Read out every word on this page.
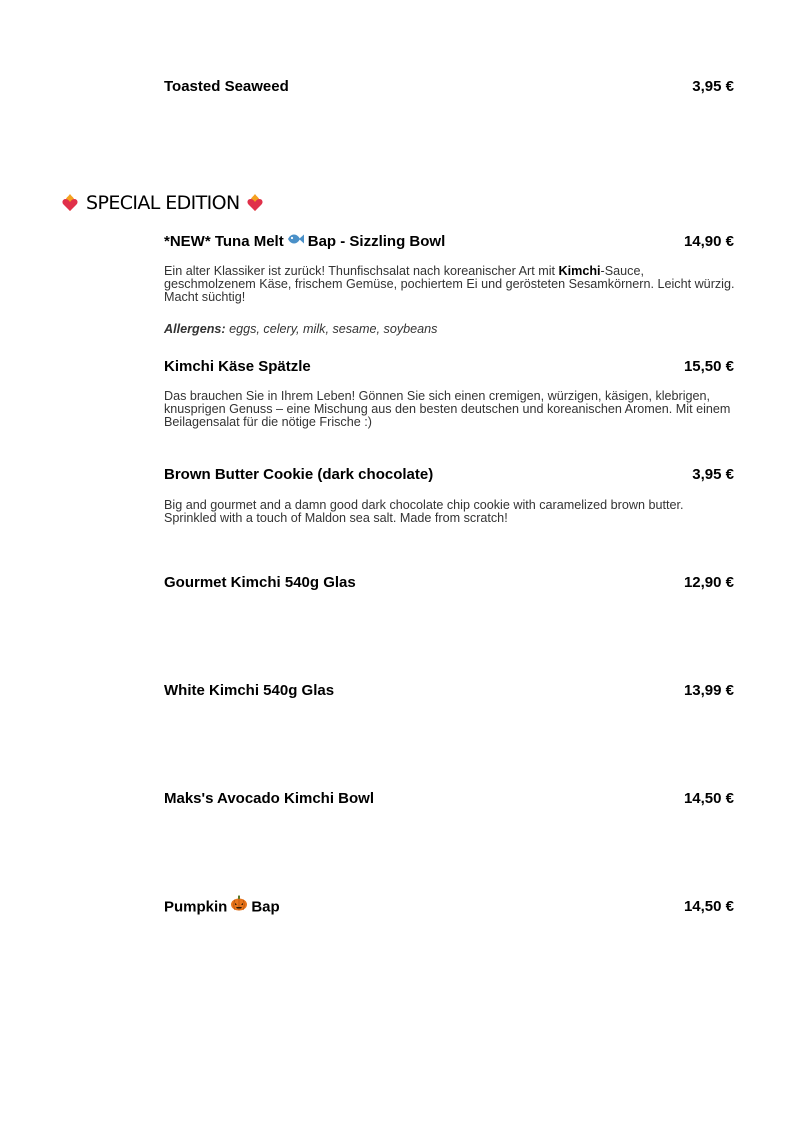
Toasted Seaweed	3,95 €
SPECIAL EDITION
*NEW* Tuna Melt Bap - Sizzling Bowl	14,90 €
Ein alter Klassiker ist zurück! Thunfischsalat nach koreanischer Art mit Kimchi-Sauce, geschmolzenem Käse, frischem Gemüse, pochiertem Ei und gerösteten Sesamkörnern. Leicht würzig. Macht süchtig!
Allergens: eggs, celery, milk, sesame, soybeans
Kimchi Käse Spätzle	15,50 €
Das brauchen Sie in Ihrem Leben! Gönnen Sie sich einen cremigen, würzigen, käsigen, klebrigen, knusprigen Genuss – eine Mischung aus den besten deutschen und koreanischen Aromen. Mit einem Beilagensalat für die nötige Frische :)
Brown Butter Cookie (dark chocolate)	3,95 €
Big and gourmet and a damn good dark chocolate chip cookie with caramelized brown butter. Sprinkled with a touch of Maldon sea salt. Made from scratch!
Gourmet Kimchi 540g Glas	12,90 €
White Kimchi 540g Glas	13,99 €
Maks's Avocado Kimchi Bowl	14,50 €
Pumpkin Bap	14,50 €
